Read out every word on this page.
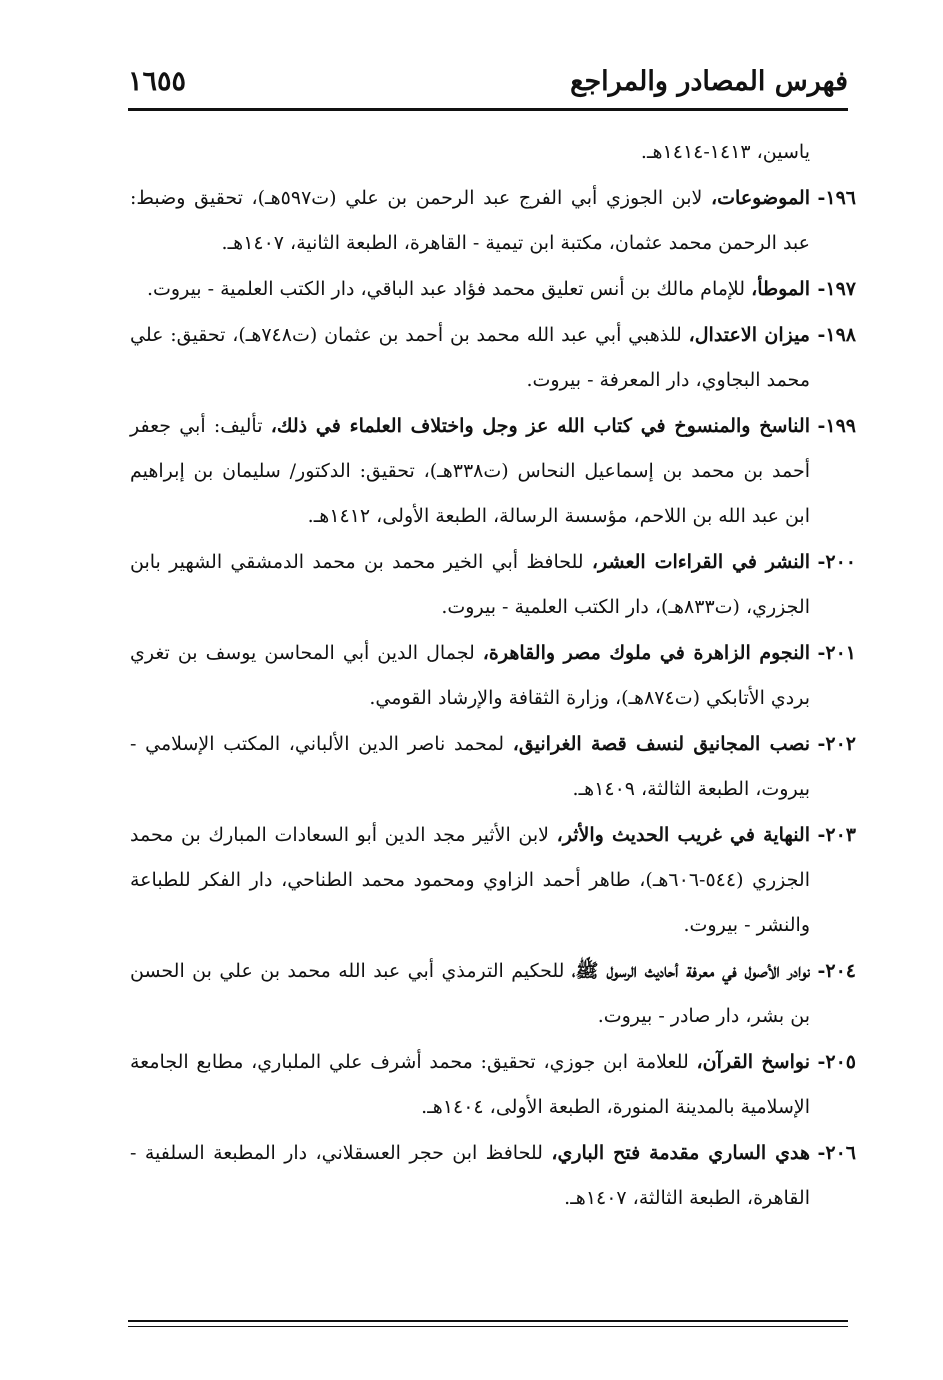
فهرس المصادر والمراجع
١٦٥٥
ياسين، ١٤١٣-١٤١٤هـ.
١٩٦-
الموضوعات، لابن الجوزي أبي الفرج عبد الرحمن بن علي (ت٥٩٧هـ)، تحقيق وضبط: عبد الرحمن محمد عثمان، مكتبة ابن تيمية - القاهرة، الطبعة الثانية، ١٤٠٧هـ.
١٩٧-
الموطأ، للإمام مالك بن أنس تعليق محمد فؤاد عبد الباقي، دار الكتب العلمية - بيروت.
١٩٨-
ميزان الاعتدال، للذهبي أبي عبد الله محمد بن أحمد بن عثمان (ت٧٤٨هـ)، تحقيق: علي محمد البجاوي، دار المعرفة - بيروت.
١٩٩-
الناسخ والمنسوخ في كتاب الله عز وجل واختلاف العلماء في ذلك، تأليف: أبي جعفر أحمد بن محمد بن إسماعيل النحاس (ت٣٣٨هـ)، تحقيق: الدكتور/ سليمان بن إبراهيم ابن عبد الله بن اللاحم، مؤسسة الرسالة، الطبعة الأولى، ١٤١٢هـ.
٢٠٠-
النشر في القراءات العشر، للحافظ أبي الخير محمد بن محمد الدمشقي الشهير بابن الجزري، (ت٨٣٣هـ)، دار الكتب العلمية - بيروت.
٢٠١-
النجوم الزاهرة في ملوك مصر والقاهرة، لجمال الدين أبي المحاسن يوسف بن تغري بردي الأتابكي (ت٨٧٤هـ)، وزارة الثقافة والإرشاد القومي.
٢٠٢-
نصب المجانيق لنسف قصة الغرانيق، لمحمد ناصر الدين الألباني، المكتب الإسلامي - بيروت، الطبعة الثالثة، ١٤٠٩هـ.
٢٠٣-
النهاية في غريب الحديث والأثر، لابن الأثير مجد الدين أبو السعادات المبارك بن محمد الجزري (٥٤٤-٦٠٦هـ)، طاهر أحمد الزاوي ومحمود محمد الطناحي، دار الفكر للطباعة والنشر - بيروت.
٢٠٤-
نوادر الأصول في معرفة أحاديث الرسول ﷺ، للحكيم الترمذي أبي عبد الله محمد بن علي بن الحسن بن بشر، دار صادر - بيروت.
٢٠٥-
نواسخ القرآن، للعلامة ابن جوزي، تحقيق: محمد أشرف علي الملباري، مطابع الجامعة الإسلامية بالمدينة المنورة، الطبعة الأولى، ١٤٠٤هـ.
٢٠٦-
هدي الساري مقدمة فتح الباري، للحافظ ابن حجر العسقلاني، دار المطبعة السلفية - القاهرة، الطبعة الثالثة، ١٤٠٧هـ.
